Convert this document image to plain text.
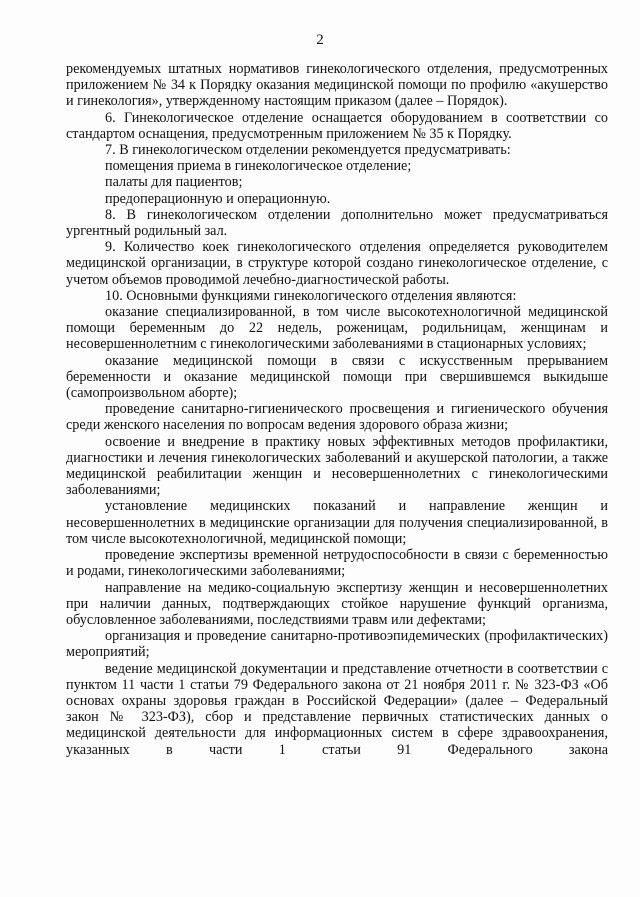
2

рекомендуемых штатных нормативов гинекологического отделения, предусмотренных приложением № 34 к Порядку оказания медицинской помощи по профилю «акушерство и гинекология», утвержденному настоящим приказом (далее – Порядок).

6. Гинекологическое отделение оснащается оборудованием в соответствии со стандартом оснащения, предусмотренным приложением № 35 к Порядку.

7. В гинекологическом отделении рекомендуется предусматривать:

помещения приема в гинекологическое отделение;

палаты для пациентов;

предоперационную и операционную.

8. В гинекологическом отделении дополнительно может предусматриваться ургентный родильный зал.

9. Количество коек гинекологического отделения определяется руководителем медицинской организации, в структуре которой создано гинекологическое отделение, с учетом объемов проводимой лечебно-диагностической работы.

10. Основными функциями гинекологического отделения являются:

оказание специализированной, в том числе высокотехнологичной медицинской помощи беременным до 22 недель, роженицам, родильницам, женщинам и несовершеннолетним с гинекологическими заболеваниями в стационарных условиях;

оказание медицинской помощи в связи с искусственным прерыванием беременности и оказание медицинской помощи при свершившемся выкидыше (самопроизвольном аборте);

проведение санитарно-гигиенического просвещения и гигиенического обучения среди женского населения по вопросам ведения здорового образа жизни;

освоение и внедрение в практику новых эффективных методов профилактики, диагностики и лечения гинекологических заболеваний и акушерской патологии, а также медицинской реабилитации женщин и несовершеннолетних с гинекологическими заболеваниями;

установление медицинских показаний и направление женщин и несовершеннолетних в медицинские организации для получения специализированной, в том числе высокотехнологичной, медицинской помощи;

проведение экспертизы временной нетрудоспособности в связи с беременностью и родами, гинекологическими заболеваниями;

направление на медико-социальную экспертизу женщин и несовершеннолетних при наличии данных, подтверждающих стойкое нарушение функций организма, обусловленное заболеваниями, последствиями травм или дефектами;

организация и проведение санитарно-противоэпидемических (профилактических) мероприятий;

ведение медицинской документации и представление отчетности в соответствии с пунктом 11 части 1 статьи 79 Федерального закона от 21 ноября 2011 г. № 323-ФЗ «Об основах охраны здоровья граждан в Российской Федерации» (далее – Федеральный закон № 323-ФЗ), сбор и представление первичных статистических данных о медицинской деятельности для информационных систем в сфере здравоохранения, указанных в части 1 статьи 91 Федерального закона
